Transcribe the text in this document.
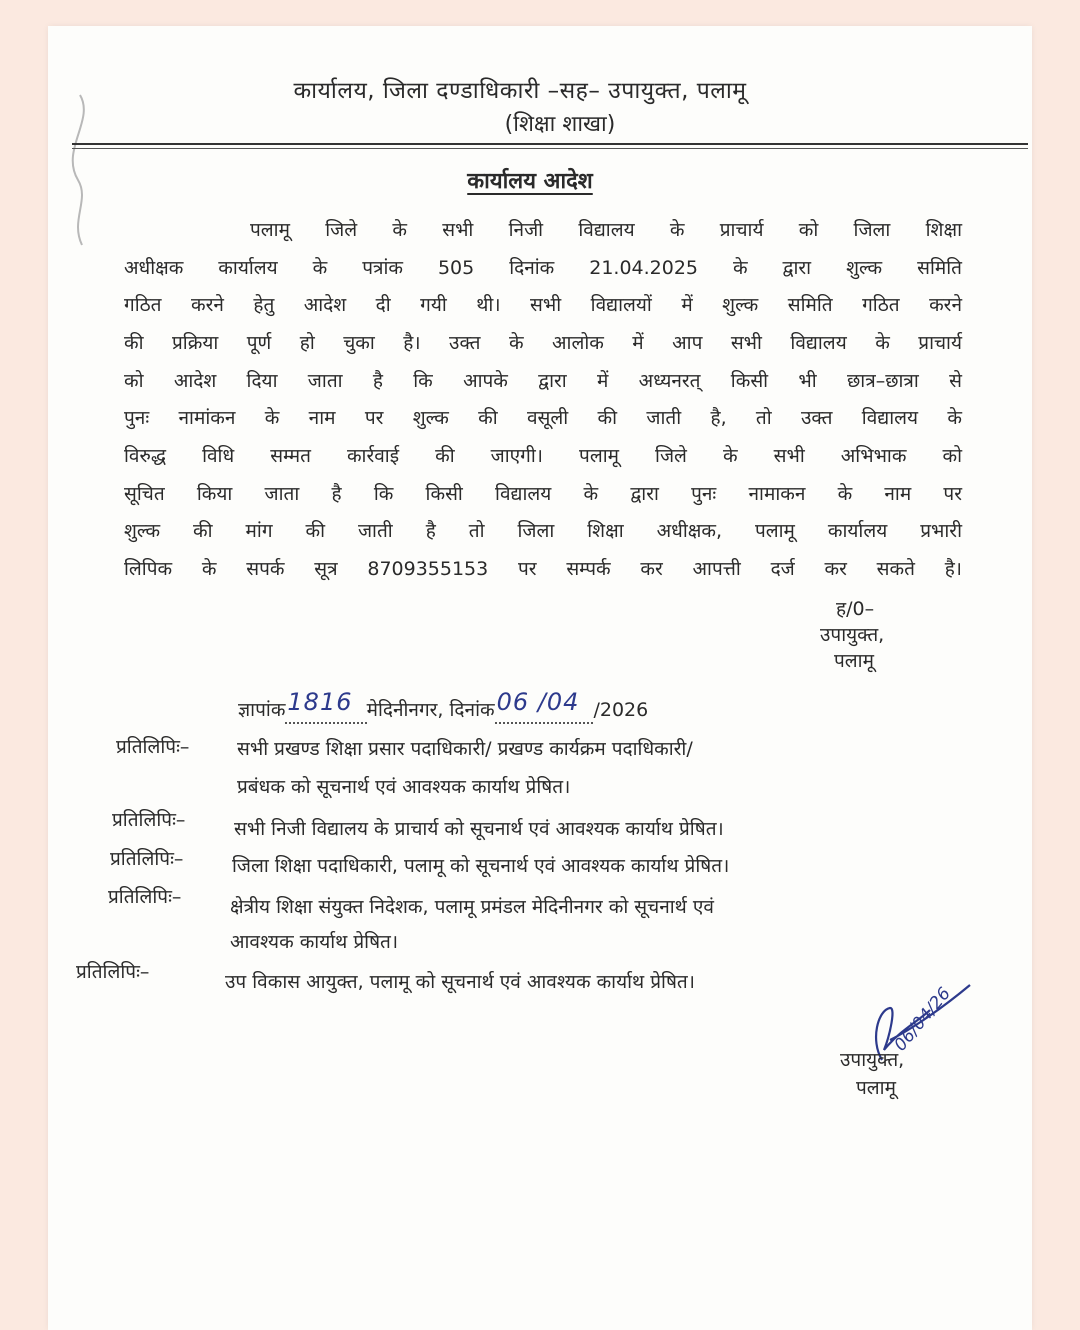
कार्यालय, जिला दण्डाधिकारी –सह– उपायुक्त, पलामू
(शिक्षा शाखा)
कार्यालय आदेश
पलामू जिले के सभी निजी विद्यालय के प्राचार्य को जिला शिक्षा
अधीक्षक कार्यालय के पत्रांक 505 दिनांक 21.04.2025 के द्वारा शुल्क समिति
गठित करने हेतु आदेश दी गयी थी। सभी विद्यालयों में शुल्क समिति गठित करने
की प्रक्रिया पूर्ण हो चुका है। उक्त के आलोक में आप सभी विद्यालय के प्राचार्य
को आदेश दिया जाता है कि आपके द्वारा में अध्यनरत् किसी भी छात्र–छात्रा से
पुनः नामांकन के नाम पर शुल्क की वसूली की जाती है, तो उक्त विद्यालय के
विरुद्ध विधि सम्मत कार्रवाई की जाएगी। पलामू जिले के सभी अभिभाक को
सूचित किया जाता है कि किसी विद्यालय के द्वारा पुनः नामाकन के नाम पर
शुल्क की मांग की जाती है तो जिला शिक्षा अधीक्षक, पलामू कार्यालय प्रभारी
लिपिक के सपर्क सूत्र 8709355153 पर सम्पर्क कर आपत्ती दर्ज कर सकते है।
ह/0–
उपायुक्त,
पलामू
ज्ञापांक1816 मेदिनीनगर, दिनांक06 /04 /2026
प्रतिलिपिः–	सभी प्रखण्ड शिक्षा प्रसार पदाधिकारी/ प्रखण्ड कार्यक्रम पदाधिकारी/
प्रबंधक को सूचनार्थ एवं आवश्यक कार्याथ प्रेषित।
प्रतिलिपिः–	सभी निजी विद्यालय के प्राचार्य को सूचनार्थ एवं आवश्यक कार्याथ प्रेषित।
प्रतिलिपिः–	जिला शिक्षा पदाधिकारी, पलामू को सूचनार्थ एवं आवश्यक कार्याथ प्रेषित।
प्रतिलिपिः–	क्षेत्रीय शिक्षा संयुक्त निदेशक, पलामू प्रमंडल मेदिनीनगर को सूचनार्थ एवं
आवश्यक कार्याथ प्रेषित।
प्रतिलिपिः–	उप विकास आयुक्त, पलामू को सूचनार्थ एवं आवश्यक कार्याथ प्रेषित।
06/04/26
उपायुक्त,
पलामू
